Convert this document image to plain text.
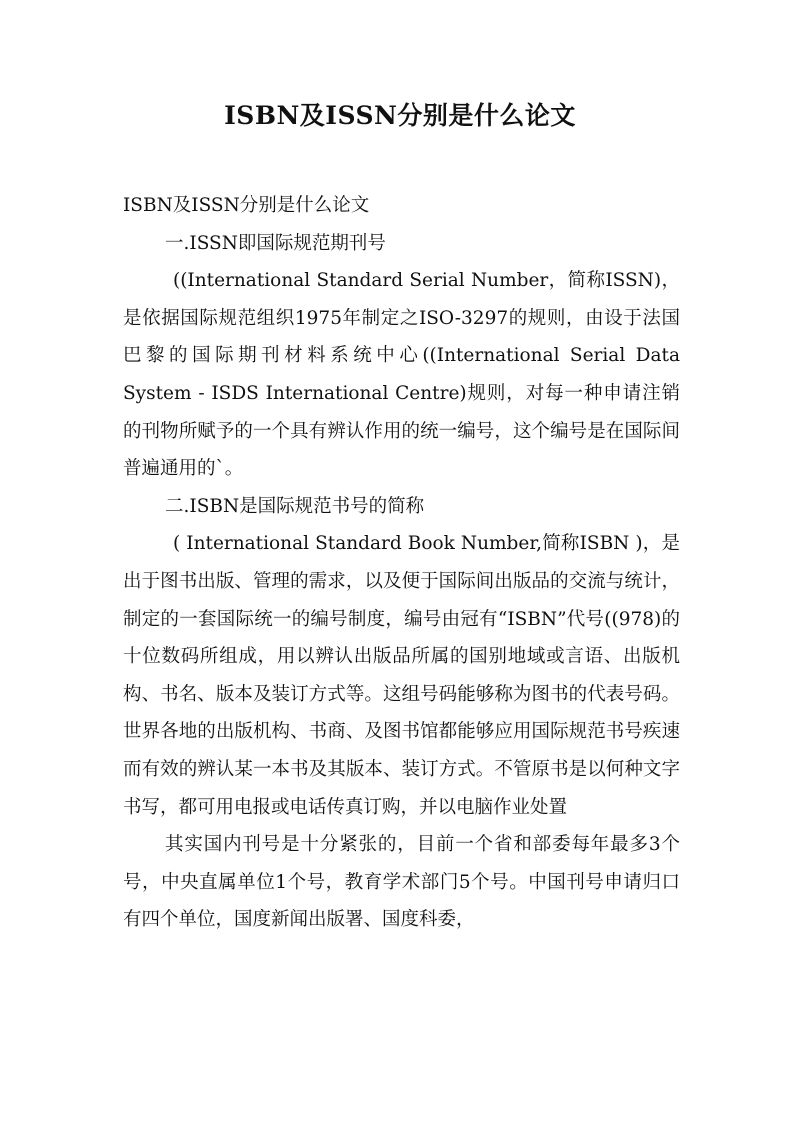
ISBN及ISSN分别是什么论文

ISBN及ISSN分别是什么论文

一.ISSN即国际规范期刊号

((International Standard Serial Number，简称ISSN)，是依据国际规范组织1975年制定之ISO-3297的规则，由设于法国巴黎的国际期刊材料系统中心((International Serial Data System - ISDS International Centre)规则，对每一种申请注销的刊物所赋予的一个具有辨认作用的统一编号，这个编号是在国际间普遍通用的`。

二.ISBN是国际规范书号的简称

( International Standard Book Number,简称ISBN )，是出于图书出版、管理的需求，以及便于国际间出版品的交流与统计，制定的一套国际统一的编号制度，编号由冠有“ISBN”代号((978)的十位数码所组成，用以辨认出版品所属的国别地域或言语、出版机构、书名、版本及装订方式等。这组号码能够称为图书的代表号码。世界各地的出版机构、书商、及图书馆都能够应用国际规范书号疾速而有效的辨认某一本书及其版本、装订方式。不管原书是以何种文字书写，都可用电报或电话传真订购，并以电脑作业处置

其实国内刊号是十分紧张的，目前一个省和部委每年最多3个号，中央直属单位1个号，教育学术部门5个号。中国刊号申请归口有四个单位，国度新闻出版署、国度科委，
